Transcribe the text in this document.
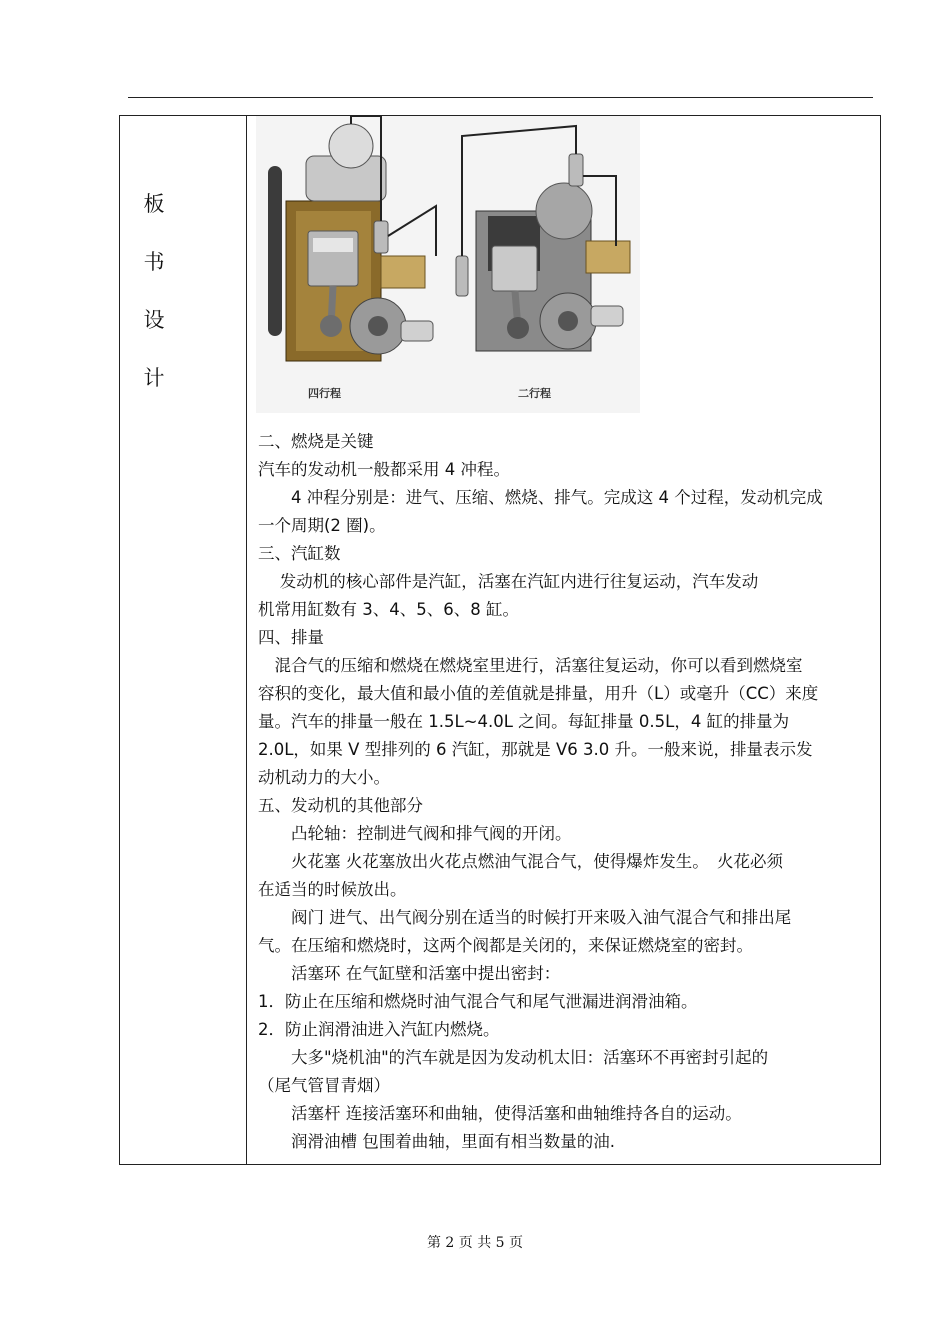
板
书
设
计
四行程	二行程
二、燃烧是关键
汽车的发动机一般都采用 4 冲程。
　　4 冲程分别是：进气、压缩、燃烧、排气。完成这 4 个过程，发动机完成
一个周期(2 圈)。
三、汽缸数
　 发动机的核心部件是汽缸，活塞在汽缸内进行往复运动，汽车发动
机常用缸数有 3、4、5、6、8 缸。
四、排量
　混合气的压缩和燃烧在燃烧室里进行，活塞往复运动，你可以看到燃烧室
容积的变化，最大值和最小值的差值就是排量，用升（L）或毫升（CC）来度
量。汽车的排量一般在 1.5L~4.0L 之间。每缸排量 0.5L，4 缸的排量为
2.0L，如果 V 型排列的 6 汽缸，那就是 V6 3.0 升。一般来说，排量表示发
动机动力的大小。
五、发动机的其他部分
　　凸轮轴：控制进气阀和排气阀的开闭。
　　火花塞 火花塞放出火花点燃油气混合气，使得爆炸发生。　火花必须
在适当的时候放出。
　　阀门 进气、出气阀分别在适当的时候打开来吸入油气混合气和排出尾
气。在压缩和燃烧时，这两个阀都是关闭的，来保证燃烧室的密封。
　　活塞环 在气缸壁和活塞中提出密封：
1．防止在压缩和燃烧时油气混合气和尾气泄漏进润滑油箱。
2．防止润滑油进入汽缸内燃烧。
　　大多"烧机油"的汽车就是因为发动机太旧：活塞环不再密封引起的
（尾气管冒青烟）
　　活塞杆 连接活塞环和曲轴，使得活塞和曲轴维持各自的运动。
　　润滑油槽 包围着曲轴，里面有相当数量的油.
第 2 页 共 5 页
